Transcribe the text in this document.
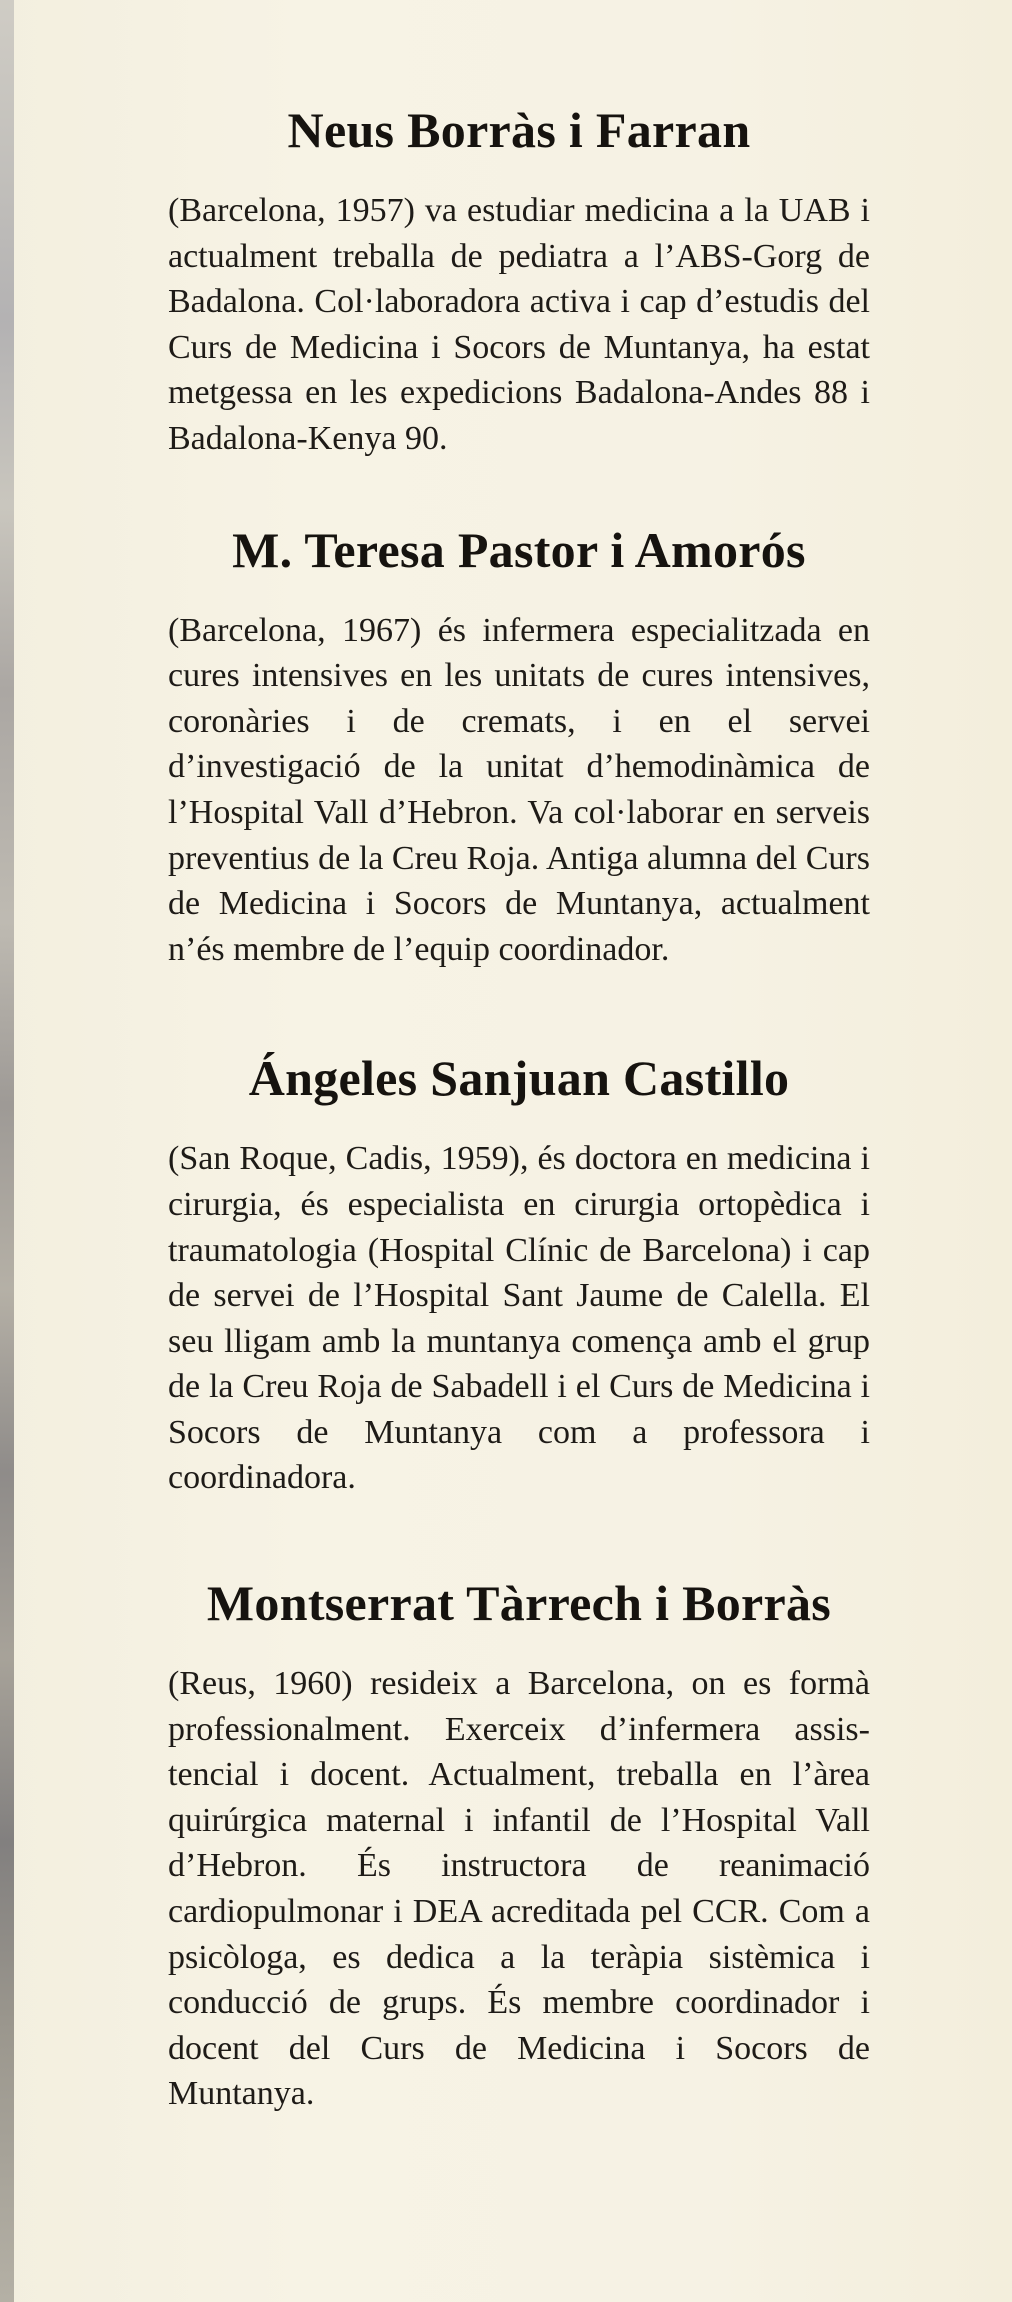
Neus Borràs i Farran

(Barcelona, 1957) va estudiar medicina a la UAB i actualment treballa de pediatra a l’ABS-Gorg de Badalona. Col·laboradora activa i cap d’estudis del Curs de Medicina i Socors de Muntanya, ha estat metgessa en les expedicions Badalona-Andes 88 i Badalona-Kenya 90.

M. Teresa Pastor i Amorós

(Barcelona, 1967) és infermera especialitzada en cures intensives en les unitats de cures intensives, coronàries i de cremats, i en el servei d’investigació de la unitat d’hemodinàmica de l’Hospital Vall d’Hebron. Va col·laborar en serveis preventius de la Creu Roja. Antiga alumna del Curs de Medicina i Socors de Muntanya, actualment n’és membre de l’equip coordinador.

Ángeles Sanjuan Castillo

(San Roque, Cadis, 1959), és doctora en medicina i cirurgia, és especialista en cirurgia ortopèdica i traumatologia (Hospital Clínic de Barcelona) i cap de servei de l’Hospital Sant Jaume de Calella. El seu lligam amb la muntanya comença amb el grup de la Creu Roja de Sabadell i el Curs de Medicina i Socors de Muntanya com a professora i coordinadora.

Montserrat Tàrrech i Borràs

(Reus, 1960) resideix a Barcelona, on es formà professionalment. Exerceix d’infermera assistencial i docent. Actualment, treballa en l’àrea quirúrgica maternal i infantil de l’Hospital Vall d’Hebron. És instructora de reanimació cardiopulmonar i DEA acreditada pel CCR. Com a psicòloga, es dedica a la teràpia sistèmica i conducció de grups. És membre coordinador i docent del Curs de Medicina i Socors de Muntanya.
